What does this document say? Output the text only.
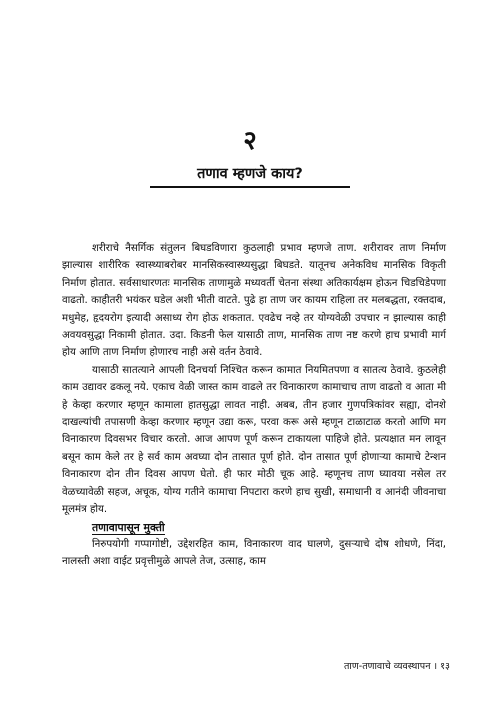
२
तणाव म्हणजे काय?

शरीराचे नैसर्गिक संतुलन बिघडविणारा कुठलाही प्रभाव म्हणजे ताण. शरीरावर ताण निर्माण झाल्यास शारीरिक स्वास्थ्याबरोबर मानसिकस्वास्थ्यसुद्धा बिघडते. यातूनच अनेकविध मानसिक विकृती निर्माण होतात. सर्वसाधारणतः मानसिक ताणामुळे मध्यवर्ती चेतना संस्था अतिकार्यक्षम होऊन चिडचिडेपणा वाढतो. काहीतरी भयंकर घडेल अशी भीती वाटते. पुढे हा ताण जर कायम राहिला तर मलबद्धता, रक्तदाब, मधुमेह, हृदयरोग इत्यादी असाध्य रोग होऊ शकतात. एवढेच नव्हे तर योग्यवेळी उपचार न झाल्यास काही अवयवसुद्धा निकामी होतात. उदा. किडनी फेल यासाठी ताण, मानसिक ताण नष्ट करणे हाच प्रभावी मार्ग होय आणि ताण निर्माण होणारच नाही असे वर्तन ठेवावे.

यासाठी सातत्याने आपली दिनचर्या निश्चित करून कामात नियमितपणा व सातत्य ठेवावे. कुठलेही काम उद्यावर ढकलू नये. एकाच वेळी जास्त काम वाढले तर विनाकारण कामाचाच ताण वाढतो व आता मी हे केव्हा करणार म्हणून कामाला हातसुद्धा लावत नाही. अबब, तीन हजार गुणपत्रिकांवर सह्या, दोनशे दाखल्यांची तपासणी केव्हा करणार म्हणून उद्या करू, परवा करू असे म्हणून टाळाटाळ करतो आणि मग विनाकारण दिवसभर विचार करतो. आज आपण पूर्ण करून टाकायला पाहिजे होते. प्रत्यक्षात मन लावून बसून काम केले तर हे सर्व काम अवघ्या दोन तासात पूर्ण होते. दोन तासात पूर्ण होणाऱ्या कामाचे टेन्शन विनाकारण दोन तीन दिवस आपण घेतो. ही फार मोठी चूक आहे. म्हणूनच ताण घ्यावया नसेल तर वेळच्यावेळी सहज, अचूक, योग्य गतीने कामाचा निपटारा करणे हाच सुखी, समाधानी व आनंदी जीवनाचा मूलमंत्र होय.

तणावापासून मुक्ती

निरुपयोगी गप्पागोष्टी, उद्देशरहित काम, विनाकारण वाद घालणे, दुसऱ्याचे दोष शोधणे, निंदा, नालस्ती अशा वाईट प्रवृत्तीमुळे आपले तेज, उत्साह, काम

ताण-तणावाचे व्यवस्थापन । १३
